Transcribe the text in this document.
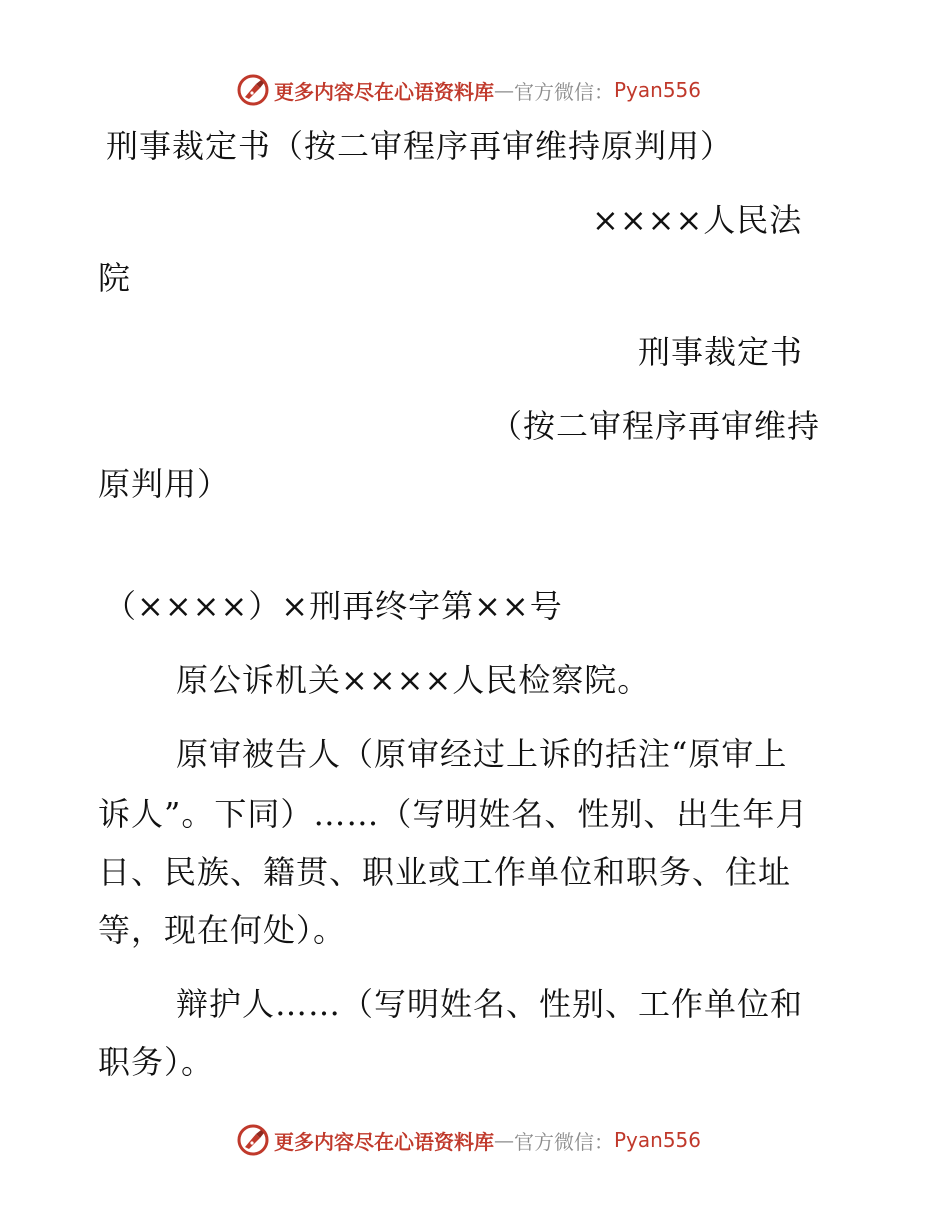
更多内容尽在心语资料库 — 官方微信： Pyan556
刑事裁定书（按二审程序再审维持原判用）
××××人民法
院
刑事裁定书
（按二审程序再审维持
原判用）
（××××）×刑再终字第××号
原公诉机关××××人民检察院。
原审被告人（原审经过上诉的括注“原审上
诉人”。下同）……（写明姓名、性别、出生年月
日、民族、籍贯、职业或工作单位和职务、住址
等，现在何处）。
辩护人……（写明姓名、性别、工作单位和
职务）。
更多内容尽在心语资料库 — 官方微信： Pyan556
